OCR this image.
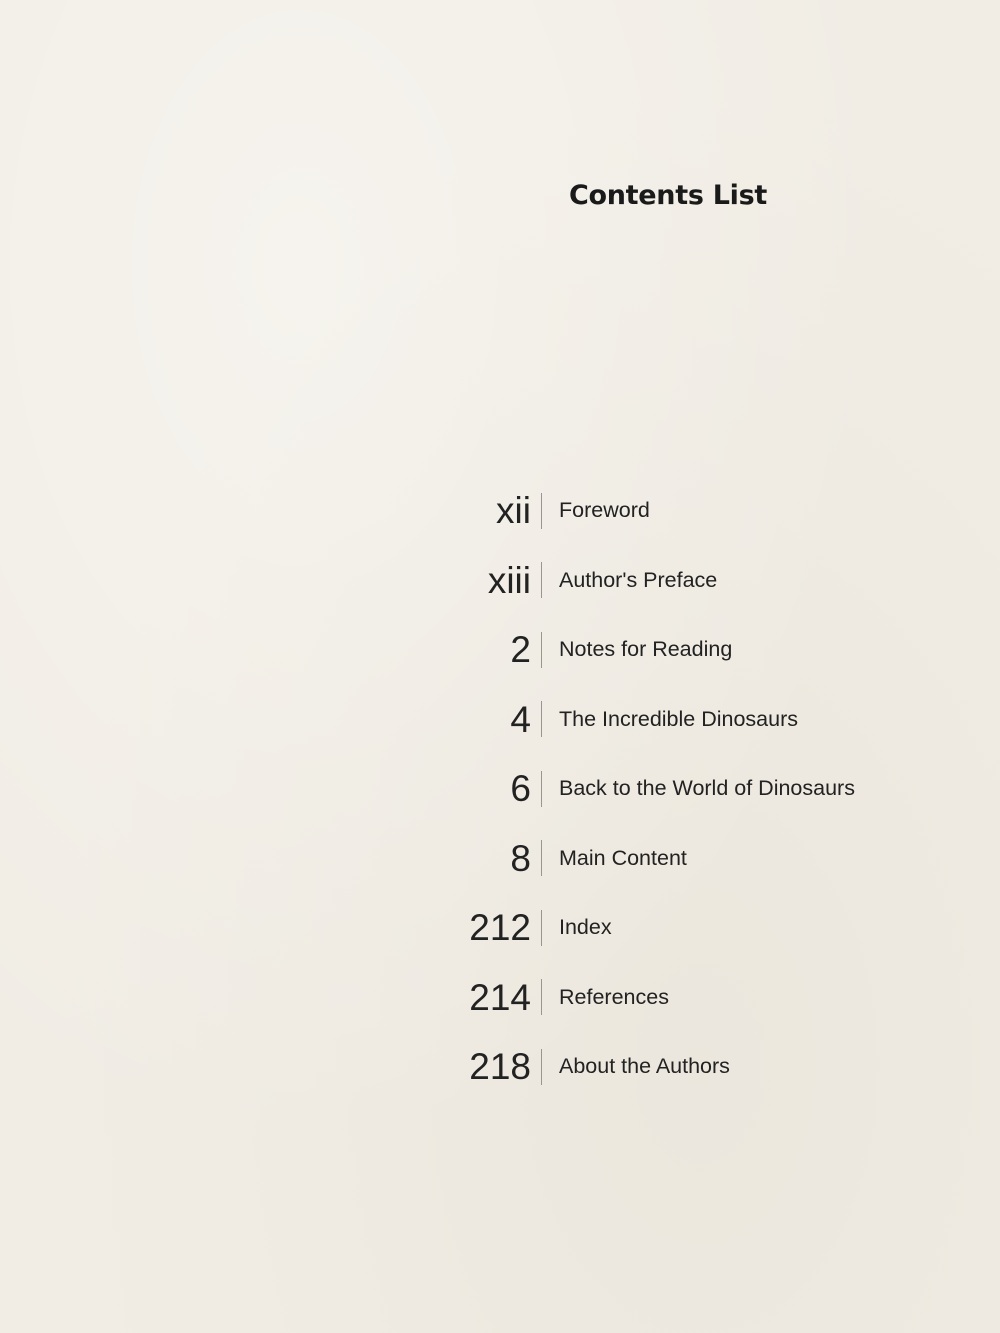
Contents List
xii	Foreword
xiii	Author's Preface
2	Notes for Reading
4	The Incredible Dinosaurs
6	Back to the World of Dinosaurs
8	Main Content
212	Index
214	References
218	About the Authors
